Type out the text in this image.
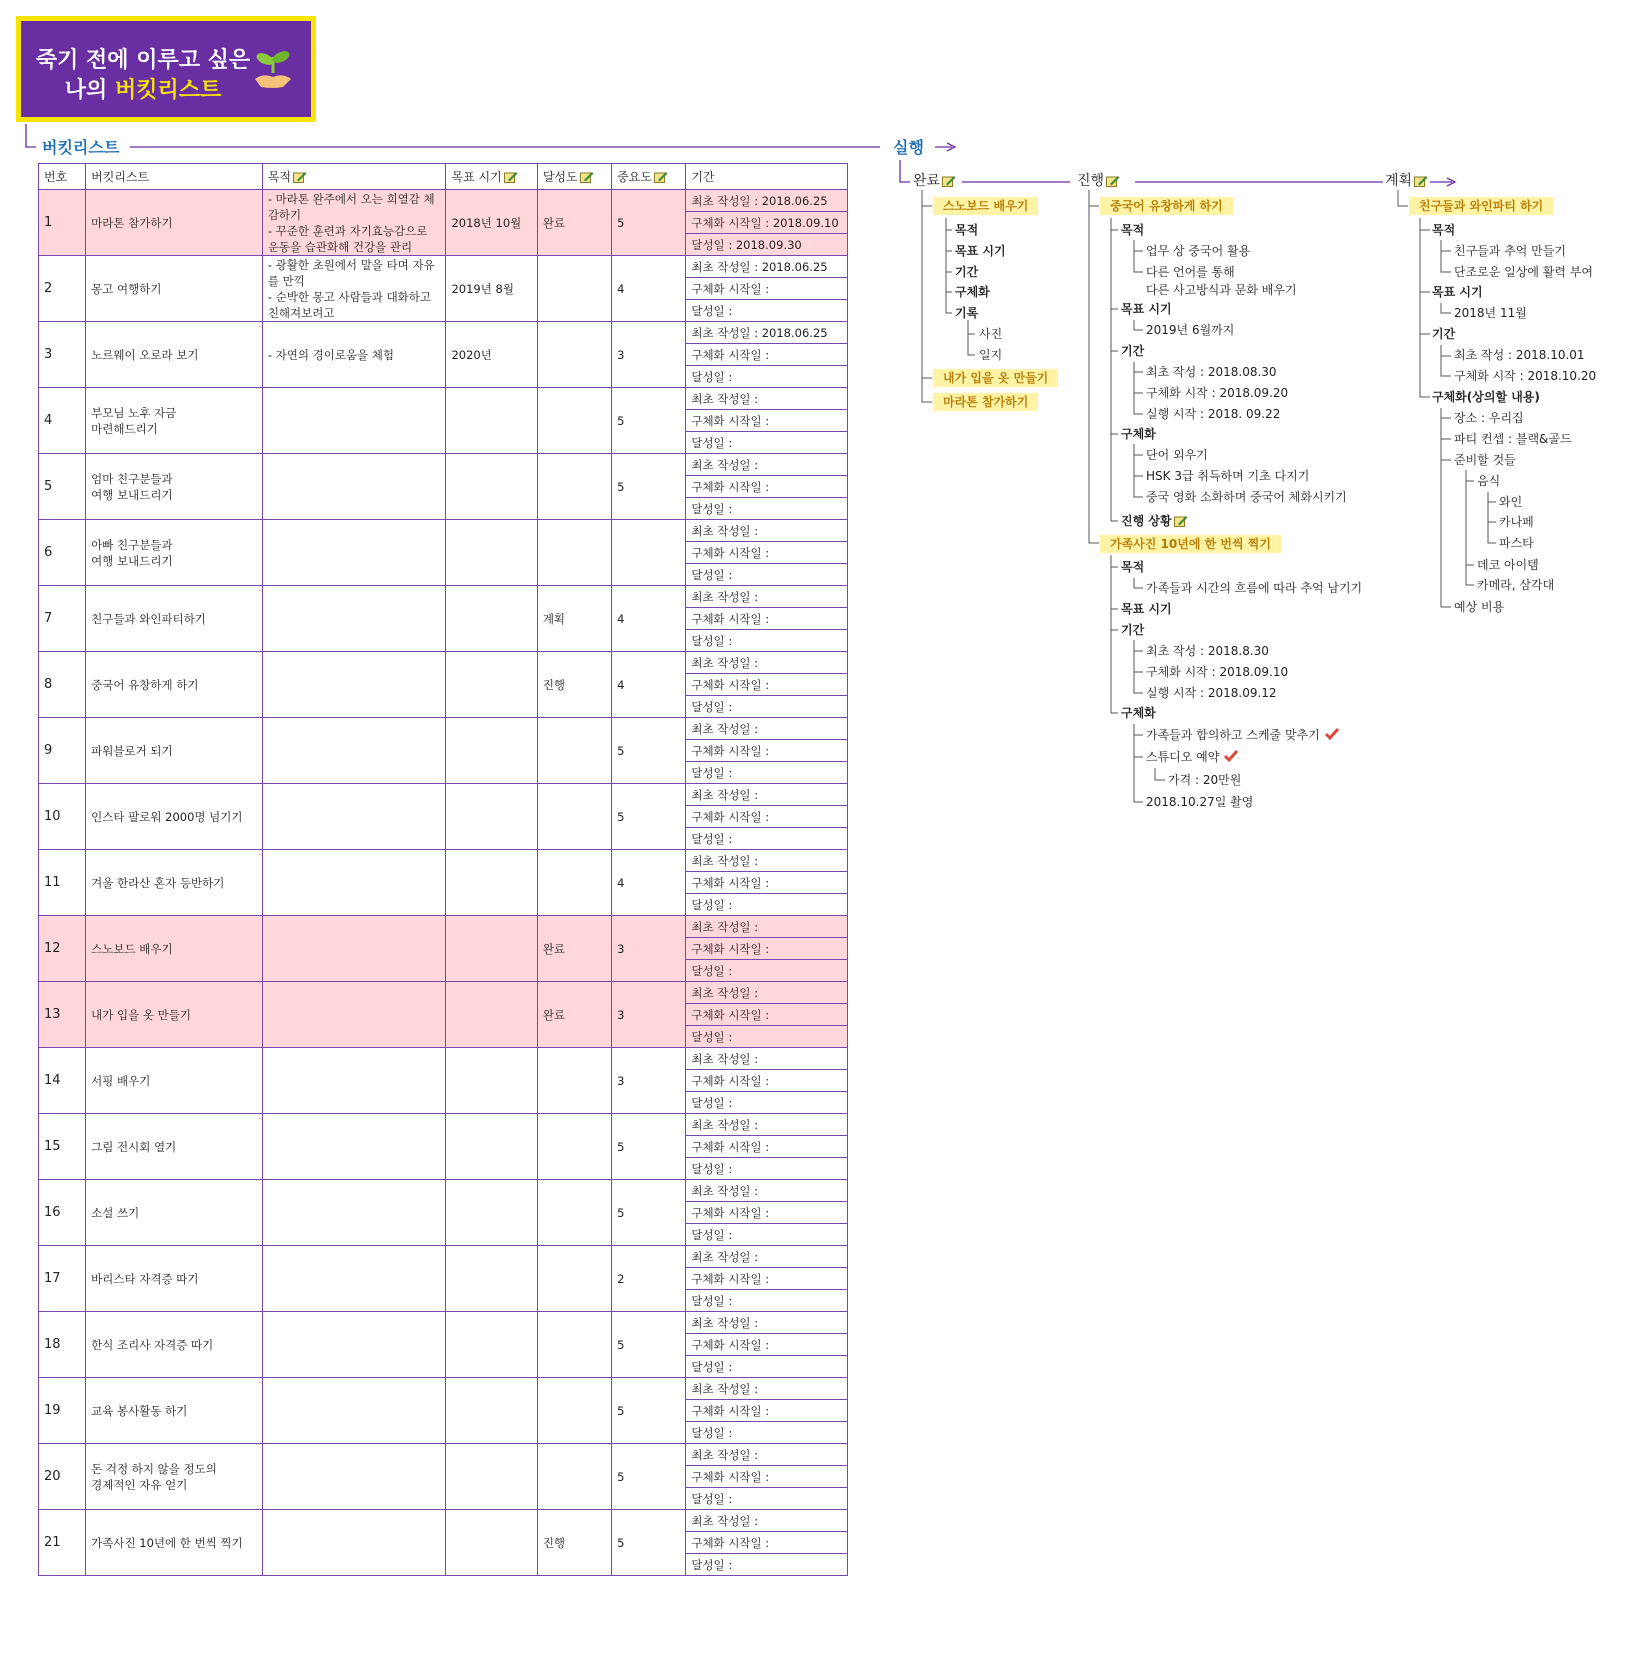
죽기 전에 이루고 싶은
나의 버킷리스트
버킷리스트	실행
번호	버킷리스트	목적	목표 시기	달성도	중요도	기간
1	마라톤 참가하기	- 마라톤 완주에서 오는 희열감 체감하기
- 꾸준한 훈련과 자기효능감으로 운동을 습관화해 건강을 관리	2018년 10월	완료	5	최초 작성일 : 2018.06.25
						구체화 시작일 : 2018.09.10
						달성일 : 2018.09.30
2	몽고 여행하기	- 광활한 초원에서 말을 타며 자유를 만끽
- 순박한 몽고 사람들과 대화하고 친해져보려고	2019년 8월		4	최초 작성일 : 2018.06.25
						구체화 시작일 :
						달성일 :
3	노르웨이 오로라 보기	- 자연의 경이로움을 체험	2020년		3	최초 작성일 : 2018.06.25
						구체화 시작일 :
						달성일 :
4	부모님 노후 자금
마련해드리기				5	최초 작성일 :
						구체화 시작일 :
						달성일 :
5	엄마 친구분들과
여행 보내드리기				5	최초 작성일 :
						구체화 시작일 :
						달성일 :
6	아빠 친구분들과
여행 보내드리기					최초 작성일 :
						구체화 시작일 :
						달성일 :
7	친구들과 와인파티하기			계획	4	최초 작성일 :
						구체화 시작일 :
						달성일 :
8	중국어 유창하게 하기			진행	4	최초 작성일 :
						구체화 시작일 :
						달성일 :
9	파워블로거 되기				5	최초 작성일 :
						구체화 시작일 :
						달성일 :
10	인스타 팔로워 2000명 넘기기				5	최초 작성일 :
						구체화 시작일 :
						달성일 :
11	겨울 한라산 혼자 등반하기				4	최초 작성일 :
						구체화 시작일 :
						달성일 :
12	스노보드 배우기			완료	3	최초 작성일 :
						구체화 시작일 :
						달성일 :
13	내가 입을 옷 만들기			완료	3	최초 작성일 :
						구체화 시작일 :
						달성일 :
14	서핑 배우기				3	최초 작성일 :
						구체화 시작일 :
						달성일 :
15	그림 전시회 열기				5	최초 작성일 :
						구체화 시작일 :
						달성일 :
16	소설 쓰기				5	최초 작성일 :
						구체화 시작일 :
						달성일 :
17	바리스타 자격증 따기				2	최초 작성일 :
						구체화 시작일 :
						달성일 :
18	한식 조리사 자격증 따기				5	최초 작성일 :
						구체화 시작일 :
						달성일 :
19	교육 봉사활동 하기				5	최초 작성일 :
						구체화 시작일 :
						달성일 :
20	돈 걱정 하지 않을 정도의
경제적인 자유 얻기				5	최초 작성일 :
						구체화 시작일 :
						달성일 :
21	가족사진 10년에 한 번씩 찍기			진행	5	최초 작성일 :
						구체화 시작일 :
						달성일 :
완료
스노보드 배우기
목적
목표 시기
기간
구체화
기록
사진
일지
내가 입을 옷 만들기
마라톤 참가하기
진행
중국어 유창하게 하기
목적
업무 상 중국어 활용
다른 언어를 통해
다른 사고방식과 문화 배우기
목표 시기
2019년 6월까지
기간
최초 작성 : 2018.08.30
구체화 시작 : 2018.09.20
실행 시작 : 2018. 09.22
구체화
단어 외우기
HSK 3급 취득하며 기초 다지기
중국 영화 소화하며 중국어 체화시키기
진행 상황
가족사진 10년에 한 번씩 찍기
목적
가족들과 시간의 흐름에 따라 추억 남기기
목표 시기
기간
최초 작성 : 2018.8.30
구체화 시작 : 2018.09.10
실행 시작 : 2018.09.12
구체화
가족들과 합의하고 스케줄 맞추기
스튜디오 예약
가격 : 20만원
2018.10.27일 촬영
계획
친구들과 와인파티 하기
목적
친구들과 추억 만들기
단조로운 일상에 활력 부여
목표 시기
2018년 11월
기간
최초 작성 : 2018.10.01
구체화 시작 : 2018.10.20
구체화(상의할 내용)
장소 : 우리집
파티 컨셉 : 블랙&골드
준비할 것들
음식
와인
카나페
파스타
데코 아이템
카메라, 삼각대
예상 비용
